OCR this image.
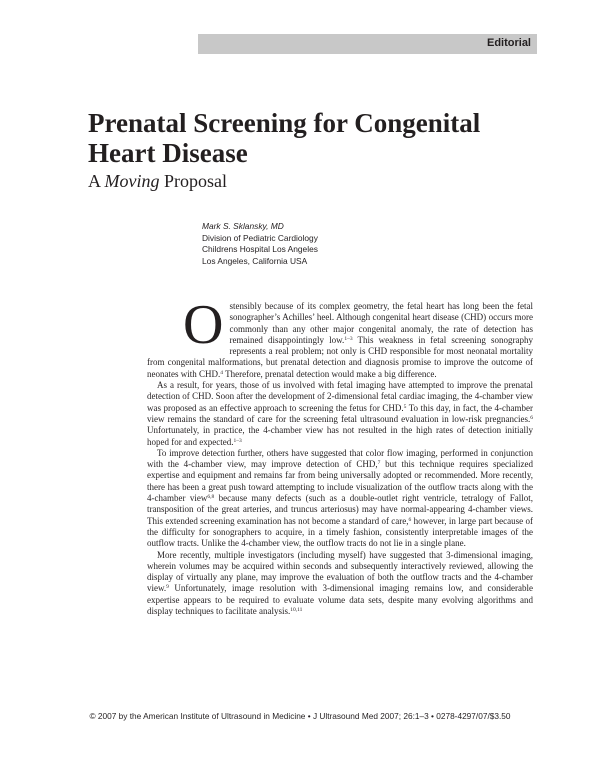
Editorial
Prenatal Screening for Congenital Heart Disease
A Moving Proposal
Mark S. Sklansky, MD
Division of Pediatric Cardiology
Childrens Hospital Los Angeles
Los Angeles, California USA

Ostensibly because of its complex geometry, the fetal heart has long been the fetal sonographer’s Achilles’ heel. Although congenital heart disease (CHD) occurs more commonly than any other major congenital anomaly, the rate of detection has remained disappointingly low.$^{1-3}$ This weakness in fetal screening sonography represents a real problem; not only is CHD responsible for most neonatal mortality from congenital malformations, but prenatal detection and diagnosis promise to improve the outcome of neonates with CHD.$^4$ Therefore, prenatal detection would make a big difference.

As a result, for years, those of us involved with fetal imaging have attempted to improve the prenatal detection of CHD. Soon after the development of 2-dimensional fetal cardiac imaging, the 4-chamber view was proposed as an effective approach to screening the fetus for CHD.$^5$ To this day, in fact, the 4-chamber view remains the standard of care for the screening fetal ultrasound evaluation in low-risk pregnancies.$^6$ Unfortunately, in practice, the 4-chamber view has not resulted in the high rates of detection initially hoped for and expected.$^{1-3}$

To improve detection further, others have suggested that color flow imaging, performed in conjunction with the 4-chamber view, may improve detection of CHD,$^7$ but this technique requires specialized expertise and equipment and remains far from being universally adopted or recommended. More recently, there has been a great push toward attempting to include visualization of the outflow tracts along with the 4-chamber view$^{6,8}$ because many defects (such as a double-outlet right ventricle, tetralogy of Fallot, transposition of the great arteries, and truncus arteriosus) may have normal-appearing 4-chamber views. This extended screening examination has not become a standard of care,$^6$ however, in large part because of the difficulty for sonographers to acquire, in a timely fashion, consistently interpretable images of the outflow tracts. Unlike the 4-chamber view, the outflow tracts do not lie in a single plane.

More recently, multiple investigators (including myself) have suggested that 3-dimensional imaging, wherein volumes may be acquired within seconds and subsequently interactively reviewed, allowing the display of virtually any plane, may improve the evaluation of both the outflow tracts and the 4-chamber view.$^9$ Unfortunately, image resolution with 3-dimensional imaging remains low, and considerable expertise appears to be required to evaluate volume data sets, despite many evolving algorithms and display techniques to facilitate analysis.$^{10,11}$

© 2007 by the American Institute of Ultrasound in Medicine • J Ultrasound Med 2007; 26:1–3 • 0278-4297/07/$3.50
